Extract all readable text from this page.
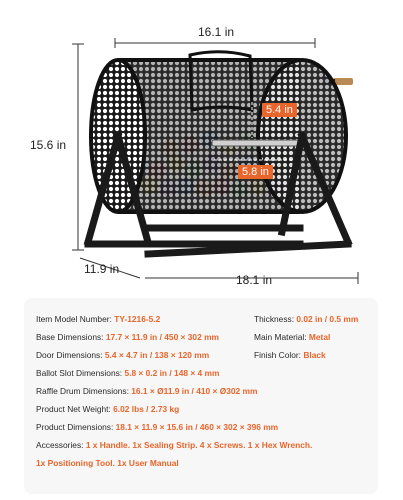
16.1 in
15.6 in
11.9 in
18.1 in
5.4 in
5.8 in
Item Model Number: TY-1216-5.2
Base Dimensions: 17.7 × 11.9 in / 450 × 302 mm
Door Dimensions: 5.4 × 4.7 in / 138 × 120 mm
Ballot Slot Dimensions: 5.8 × 0.2 in / 148 × 4 mm
Raffle Drum Dimensions: 16.1 × Ø11.9 in / 410 × Ø302 mm
Product Net Weight: 6.02 lbs / 2.73 kg
Product Dimensions: 18.1 × 11.9 × 15.6 in / 460 × 302 × 396 mm
Accessories: 1 x Handle. 1x Sealing Strip. 4 x Screws. 1 x Hex Wrench.
1x Positioning Tool. 1x User Manual
Thickness: 0.02 in / 0.5 mm
Main Material: Metal
Finish Color: Black
